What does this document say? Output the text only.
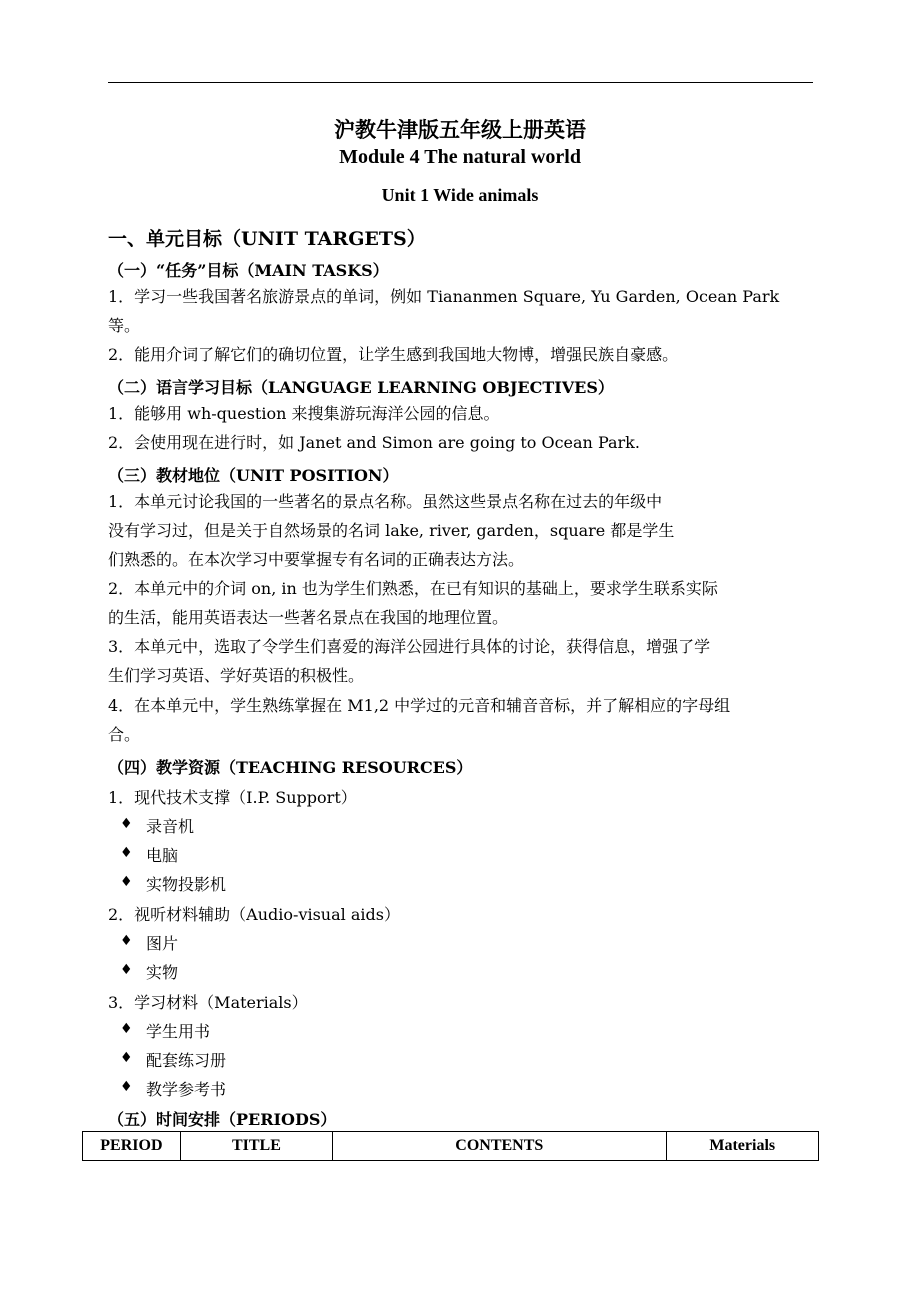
沪教牛津版五年级上册英语
Module 4 The natural world
Unit 1 Wide animals
一、单元目标（UNIT TARGETS）
（一）“任务”目标（MAIN TASKS）
1．学习一些我国著名旅游景点的单词，例如 Tiananmen Square, Yu Garden, Ocean Park
等。
2．能用介词了解它们的确切位置，让学生感到我国地大物博，增强民族自豪感。
（二）语言学习目标（LANGUAGE LEARNING OBJECTIVES）
1．能够用 wh-question 来搜集游玩海洋公园的信息。
2．会使用现在进行时，如 Janet and Simon are going to Ocean Park.
（三）教材地位（UNIT POSITION）
1．本单元讨论我国的一些著名的景点名称。虽然这些景点名称在过去的年级中
没有学习过，但是关于自然场景的名词 lake, river, garden，square 都是学生
们熟悉的。在本次学习中要掌握专有名词的正确表达方法。
2．本单元中的介词 on, in 也为学生们熟悉，在已有知识的基础上，要求学生联系实际
的生活，能用英语表达一些著名景点在我国的地理位置。
3．本单元中，选取了令学生们喜爱的海洋公园进行具体的讨论，获得信息，增强了学
生们学习英语、学好英语的积极性。
4．在本单元中，学生熟练掌握在 M1,2 中学过的元音和辅音音标，并了解相应的字母组
合。
（四）教学资源（TEACHING RESOURCES）
1．现代技术支撑（I.P. Support）
♦ 录音机
♦ 电脑
♦ 实物投影机
2．视听材料辅助（Audio-visual aids）
♦ 图片
♦ 实物
3．学习材料（Materials）
♦ 学生用书
♦ 配套练习册
♦ 教学参考书
（五）时间安排（PERIODS）
PERIOD	TITLE	CONTENTS	Materials
